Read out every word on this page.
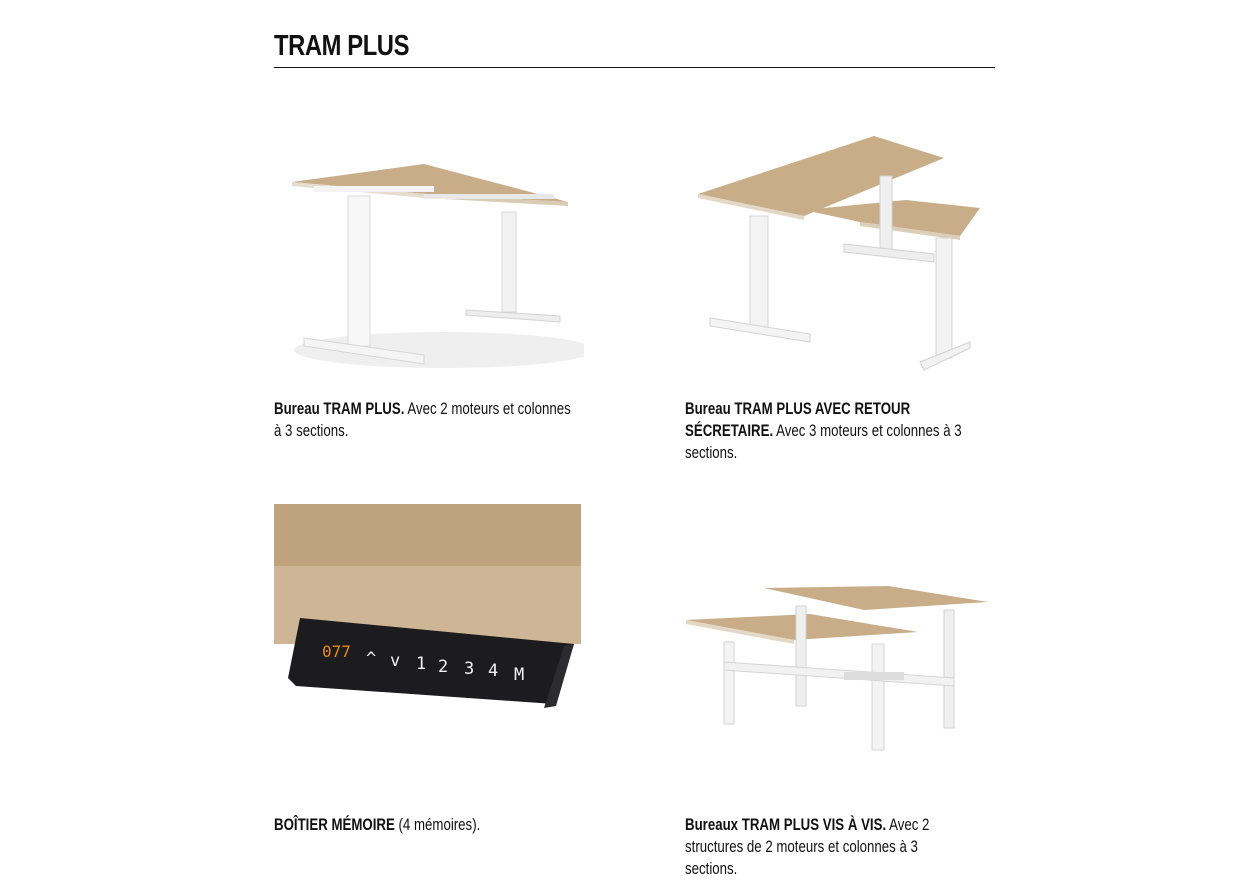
TRAM PLUS
Bureau TRAM PLUS. Avec 2 moteurs et colonnes à 3 sections.
Bureau TRAM PLUS AVEC RETOUR SÉCRETAIRE. Avec 3 moteurs et colonnes à 3 sections.
077 ^ v 1 2 3 4 M
BOÎTIER MÉMOIRE (4 mémoires).	Bureaux TRAM PLUS VIS À VIS. Avec 2 structures de 2 moteurs et colonnes à 3 sections.
